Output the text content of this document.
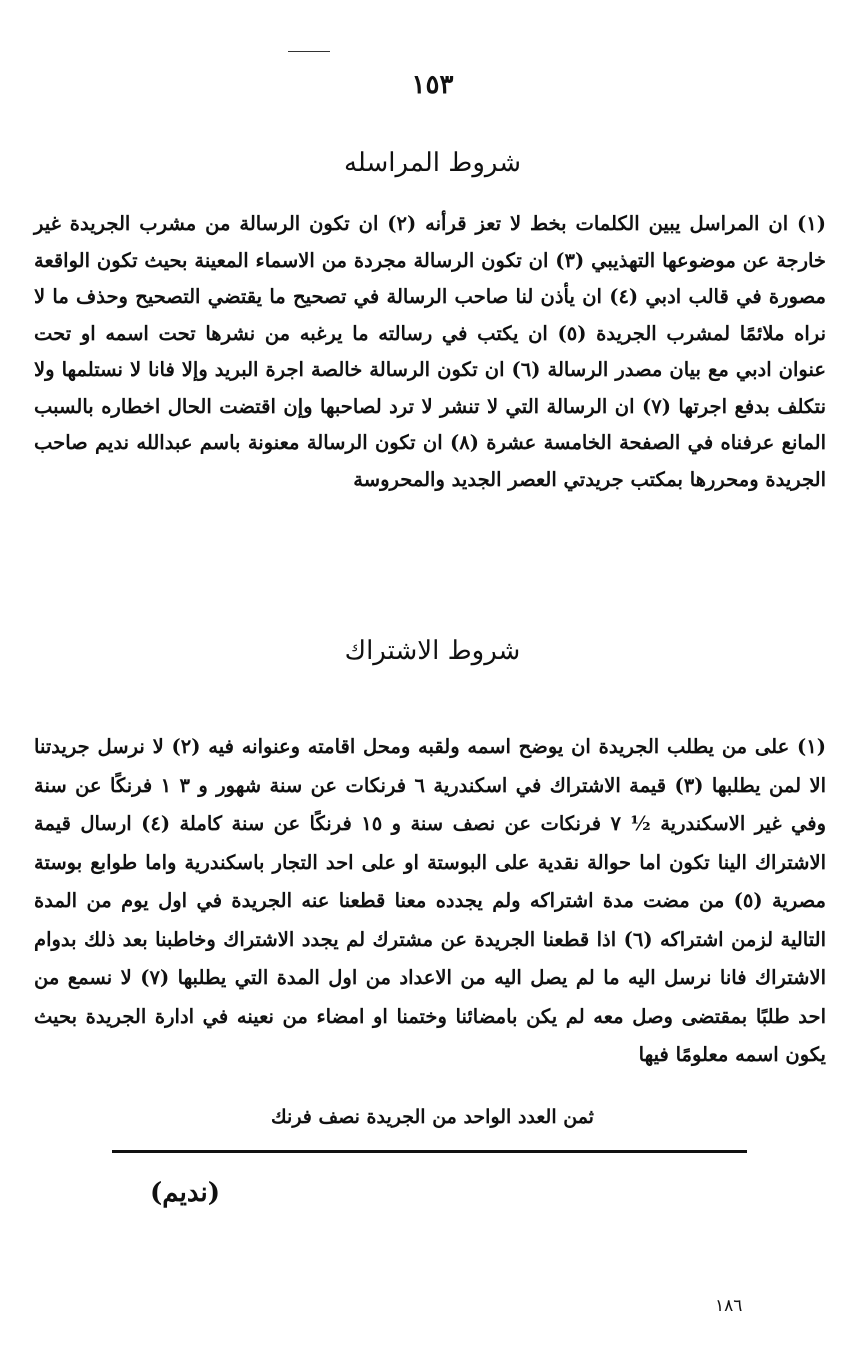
١٥٣
شروط المراسله

(١) ان المراسل يبين الكلمات بخط لا تعز قرأنه (٢) ان تكون الرسالة من مشرب الجريدة غير خارجة عن موضوعها التهذيبي (٣) ان تكون الرسالة مجردة من الاسماء المعينة بحيث تكون الواقعة مصورة في قالب ادبي (٤) ان يأذن لنا صاحب الرسالة في تصحيح ما يقتضي التصحيح وحذف ما لا نراه ملائمًا لمشرب الجريدة (٥) ان يكتب في رسالته ما يرغبه من نشرها تحت اسمه او تحت عنوان ادبي مع بيان مصدر الرسالة (٦) ان تكون الرسالة خالصة اجرة البريد وإلا فانا لا نستلمها ولا نتكلف بدفع اجرتها (٧) ان الرسالة التي لا تنشر لا ترد لصاحبها وإن اقتضت الحال اخطاره بالسبب المانع عرفناه في الصفحة الخامسة عشرة (٨) ان تكون الرسالة معنونة باسم عبدالله نديم صاحب الجريدة ومحررها بمكتب جريدتي العصر الجديد والمحروسة

شروط الاشتراك

(١) على من يطلب الجريدة ان يوضح اسمه ولقبه ومحل اقامته وعنوانه فيه (٢) لا نرسل جريدتنا الا لمن يطلبها (٣) قيمة الاشتراك في اسكندرية ٦ فرنكات عن سنة شهور و ٣ ١ فرنكًا عن سنة وفي غير الاسكندرية ½ ٧ فرنكات عن نصف سنة و ١٥ فرنكًا عن سنة كاملة (٤) ارسال قيمة الاشتراك الينا تكون اما حوالة نقدية على البوستة او على احد التجار باسكندرية واما طوابع بوستة مصرية (٥) من مضت مدة اشتراكه ولم يجدده معنا قطعنا عنه الجريدة في اول يوم من المدة التالية لزمن اشتراكه (٦) اذا قطعنا الجريدة عن مشترك لم يجدد الاشتراك وخاطبنا بعد ذلك بدوام الاشتراك فانا نرسل اليه ما لم يصل اليه من الاعداد من اول المدة التي يطلبها (٧) لا نسمع من احد طلبًا بمقتضى وصل معه لم يكن بامضائنا وختمنا او امضاء من نعينه في ادارة الجريدة بحيث يكون اسمه معلومًا فيها

ثمن العدد الواحد من الجريدة نصف فرنك
(نديم)
١٨٦
